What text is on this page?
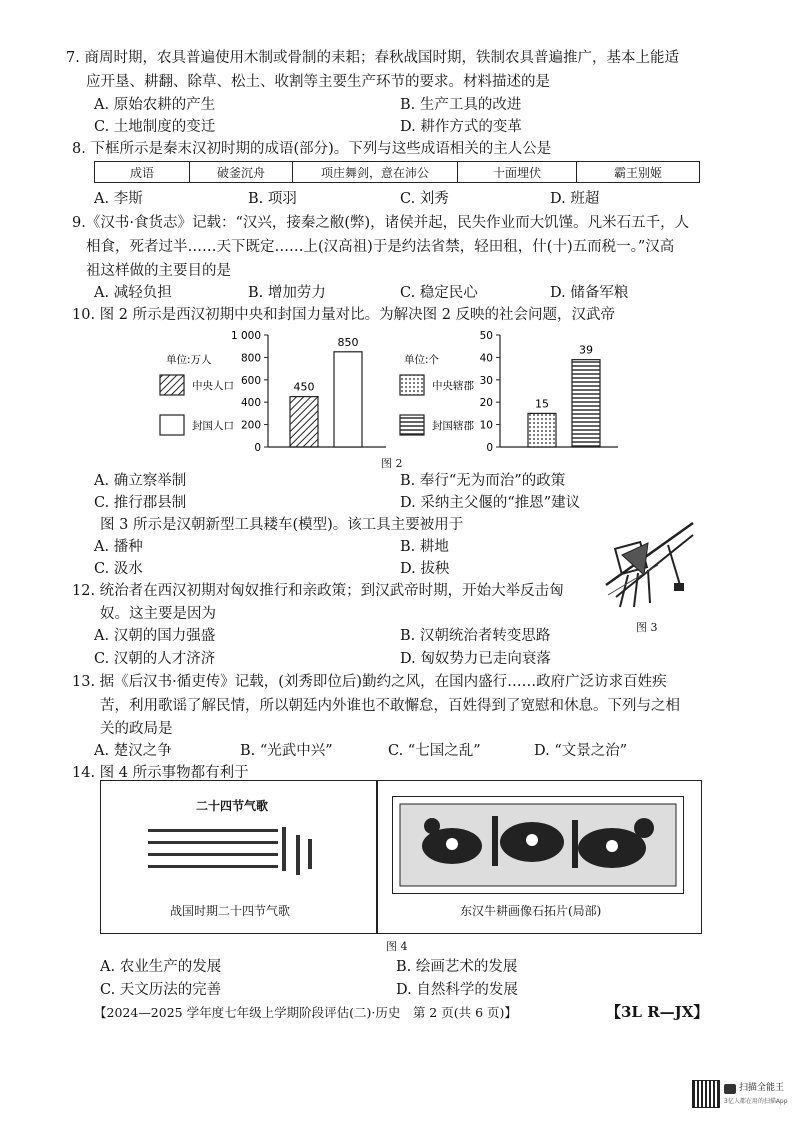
7. 商周时期，农具普遍使用木制或骨制的耒耜；春秋战国时期，铁制农具普遍推广，基本上能适
应开垦、耕翻、除草、松土、收割等主要生产环节的要求。材料描述的是
A. 原始农耕的产生	B. 生产工具的改进
C. 土地制度的变迁	D. 耕作方式的变革
8. 下框所示是秦末汉初时期的成语(部分)。下列与这些成语相关的主人公是
成语	破釜沉舟	项庄舞剑，意在沛公	十面埋伏	霸王别姬
A. 李斯	B. 项羽	C. 刘秀	D. 班超
9.《汉书·食货志》记载：“汉兴，接秦之敝(弊)，诸侯并起，民失作业而大饥馑。凡米石五千，人
相食，死者过半……天下既定……上(汉高祖)于是约法省禁，轻田租，什(十)五而税一。”汉高
祖这样做的主要目的是
A. 减轻负担	B. 增加劳力	C. 稳定民心	D. 储备军粮
10. 图 2 所示是西汉初期中央和封国力量对比。为解决图 2 反映的社会问题，汉武帝
0
200
400
600
800
1 000
450
850
单位:万人
中央人口
封国人口
0
10
20
30
40
50
15
39
单位:个
中央辖郡
封国辖郡
图 2
A. 确立察举制	B. 奉行“无为而治”的政策
C. 推行郡县制	D. 采纳主父偃的“推恩”建议
图 3 所示是汉朝新型工具耧车(模型)。该工具主要被用于
A. 播种	B. 耕地
C. 汲水	D. 拔秧
图 3
12. 统治者在西汉初期对匈奴推行和亲政策；到汉武帝时期，开始大举反击匈
奴。这主要是因为
A. 汉朝的国力强盛	B. 汉朝统治者转变思路
C. 汉朝的人才济济	D. 匈奴势力已走向衰落
13. 据《后汉书·循吏传》记载，(刘秀即位后)勤约之风，在国内盛行……政府广泛访求百姓疾
苦，利用歌谣了解民情，所以朝廷内外谁也不敢懈怠，百姓得到了宽慰和休息。下列与之相
关的政局是
A. 楚汉之争	B. “光武中兴”	C. “七国之乱”	D. “文景之治”
14. 图 4 所示事物都有利于
二十四节气歌
战国时期二十四节气歌	东汉牛耕画像石拓片(局部)
图 4
A. 农业生产的发展	B. 绘画艺术的发展
C. 天文历法的完善	D. 自然科学的发展
【2024—2025 学年度七年级上学期阶段评估(二)·历史　第 2 页(共 6 页)】	【3L R—JX】
扫描全能王
3亿人都在用的扫描App
